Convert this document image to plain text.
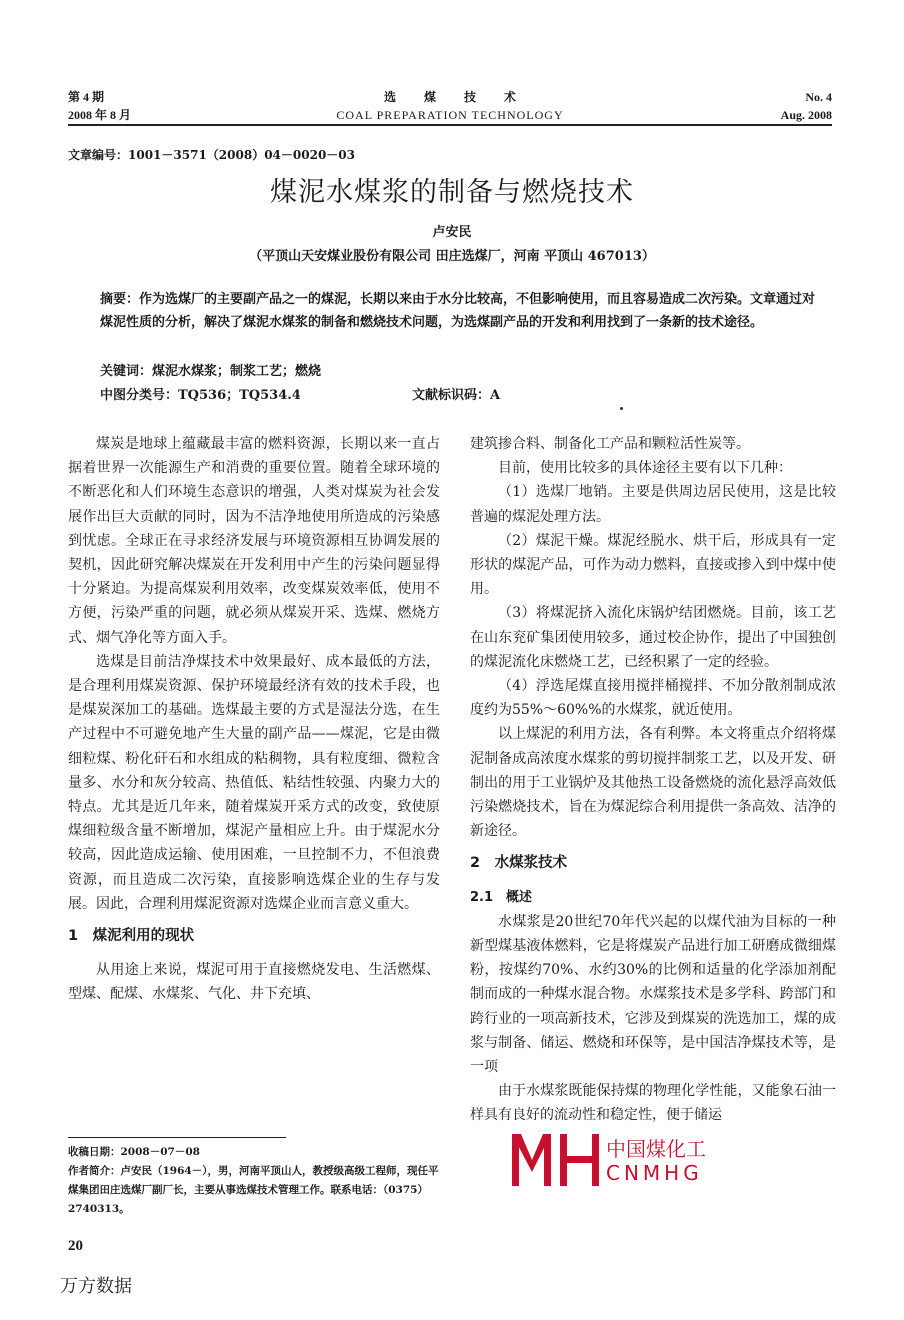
第 4 期
2008 年 8 月
选煤技术
COAL PREPARATION TECHNOLOGY
No. 4
Aug. 2008
文章编号：1001－3571（2008）04－0020－03
煤泥水煤浆的制备与燃烧技术
卢安民
（平顶山天安煤业股份有限公司 田庄选煤厂，河南 平顶山 467013）
摘要：作为选煤厂的主要副产品之一的煤泥，长期以来由于水分比较高，不但影响使用，而且容易造成二次污染。文章通过对煤泥性质的分析，解决了煤泥水煤浆的制备和燃烧技术问题，为选煤副产品的开发和利用找到了一条新的技术途径。
关键词：煤泥水煤浆；制浆工艺；燃烧
中图分类号：TQ536；TQ534.4	文献标识码：A

煤炭是地球上蕴藏最丰富的燃料资源，长期以来一直占据着世界一次能源生产和消费的重要位置。随着全球环境的不断恶化和人们环境生态意识的增强，人类对煤炭为社会发展作出巨大贡献的同时，因为不洁净地使用所造成的污染感到忧虑。全球正在寻求经济发展与环境资源相互协调发展的契机，因此研究解决煤炭在开发利用中产生的污染问题显得十分紧迫。为提高煤炭利用效率，改变煤炭效率低，使用不方便，污染严重的问题，就必须从煤炭开采、选煤、燃烧方式、烟气净化等方面入手。

选煤是目前洁净煤技术中效果最好、成本最低的方法，是合理利用煤炭资源、保护环境最经济有效的技术手段，也是煤炭深加工的基础。选煤最主要的方式是湿法分选，在生产过程中不可避免地产生大量的副产品——煤泥，它是由微细粒煤、粉化矸石和水组成的粘稠物，具有粒度细、微粒含量多、水分和灰分较高、热值低、粘结性较强、内聚力大的特点。尤其是近几年来，随着煤炭开采方式的改变，致使原煤细粒级含量不断增加，煤泥产量相应上升。由于煤泥水分较高，因此造成运输、使用困难，一旦控制不力，不但浪费资源，而且造成二次污染，直接影响选煤企业的生存与发展。因此，合理利用煤泥资源对选煤企业而言意义重大。

1　煤泥利用的现状

从用途上来说，煤泥可用于直接燃烧发电、生活燃煤、型煤、配煤、水煤浆、气化、井下充填、

建筑掺合料、制备化工产品和颗粒活性炭等。

目前，使用比较多的具体途径主要有以下几种：

（1）选煤厂地销。主要是供周边居民使用，这是比较普遍的煤泥处理方法。

（2）煤泥干燥。煤泥经脱水、烘干后，形成具有一定形状的煤泥产品，可作为动力燃料，直接或掺入到中煤中使用。

（3）将煤泥挤入流化床锅炉结团燃烧。目前，该工艺在山东兖矿集团使用较多，通过校企协作，提出了中国独创的煤泥流化床燃烧工艺，已经积累了一定的经验。

（4）浮选尾煤直接用搅拌桶搅拌、不加分散剂制成浓度约为55%～60%%的水煤浆，就近使用。

以上煤泥的利用方法，各有利弊。本文将重点介绍将煤泥制备成高浓度水煤浆的剪切搅拌制浆工艺，以及开发、研制出的用于工业锅炉及其他热工设备燃烧的流化悬浮高效低污染燃烧技术，旨在为煤泥综合利用提供一条高效、洁净的新途径。

2　水煤浆技术
2.1　概述

水煤浆是20世纪70年代兴起的以煤代油为目标的一种新型煤基液体燃料，它是将煤炭产品进行加工研磨成微细煤粉，按煤约70%、水约30%的比例和适量的化学添加剂配制而成的一种煤水混合物。水煤浆技术是多学科、跨部门和跨行业的一项高新技术，它涉及到煤炭的洗选加工，煤的成浆与制备、储运、燃烧和环保等，是中国洁净煤技术等，是一项

由于水煤浆既能保持煤的物理化学性能，又能象石油一样具有良好的流动性和稳定性，便于储运

收稿日期：2008－07－08
作者简介：卢安民（1964－），男，河南平顶山人，教授级高级工程师，现任平煤集团田庄选煤厂副厂长，主要从事选煤技术管理工作。联系电话：（0375）2740313。
20
万方数据
中国煤化工
CNMHG
